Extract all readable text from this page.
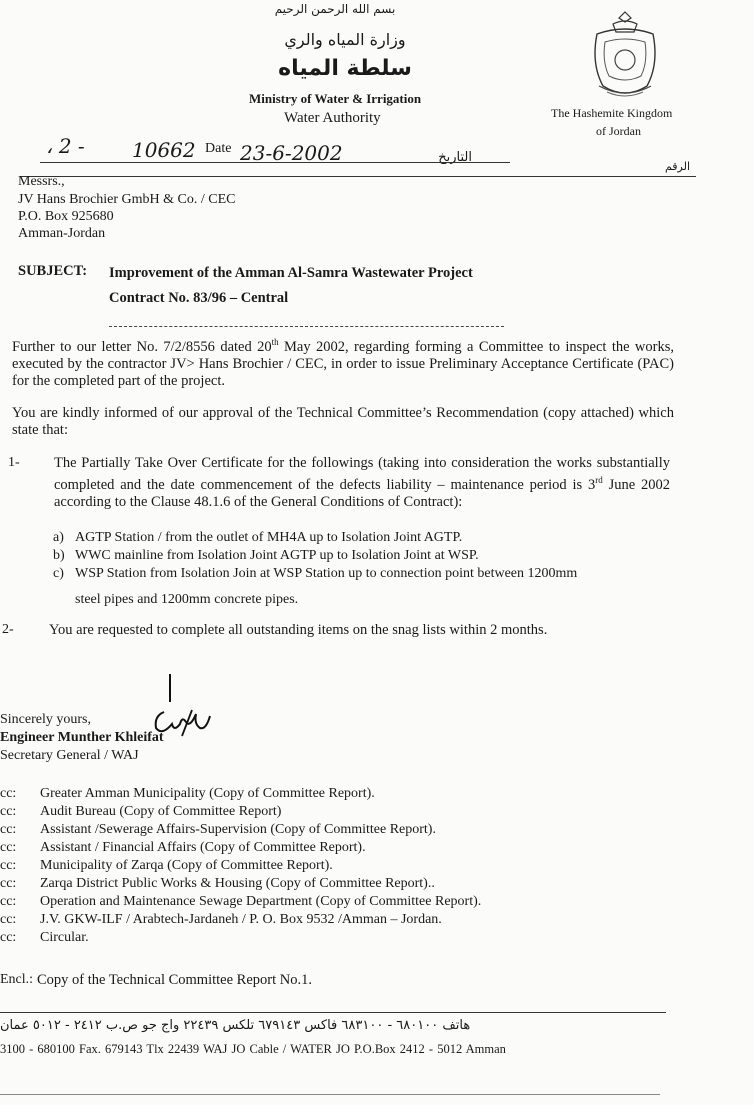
بسم الله الرحمن الرحيم
وزارة المياه والري
سلطة المياه
Ministry of Water & Irrigation
Water Authority	The Hashemite Kingdom
of Jordan
، 2 - 10662 Date 23-6-2002	التاريخ
الرقم
Messrs.,
JV Hans Brochier GmbH & Co. / CEC
P.O. Box 925680
Amman-Jordan
SUBJECT: Improvement of the Amman Al-Samra Wastewater Project
Contract No. 83/96 – Central
Further to our letter No. 7/2/8556 dated 20th May 2002, regarding forming a Committee to inspect the works, executed by the contractor JV> Hans Brochier / CEC, in order to issue Preliminary Acceptance Certificate (PAC) for the completed part of the project.
You are kindly informed of our approval of the Technical Committee’s Recommendation (copy attached) which state that:
1- The Partially Take Over Certificate for the followings (taking into consideration the works substantially completed and the date commencement of the defects liability – maintenance period is 3rd June 2002 according to the Clause 48.1.6 of the General Conditions of Contract):
a) AGTP Station / from the outlet of MH4A up to Isolation Joint AGTP.
b) WWC mainline from Isolation Joint AGTP up to Isolation Joint at WSP.
c) WSP Station from Isolation Join at WSP Station up to connection point between 1200mm
steel pipes and 1200mm concrete pipes.
2- You are requested to complete all outstanding items on the snag lists within 2 months.
Sincerely yours,
Engineer Munther Khleifat
Secretary General / WAJ
cc: Greater Amman Municipality (Copy of Committee Report).
cc: Audit Bureau (Copy of Committee Report)
cc: Assistant /Sewerage Affairs-Supervision (Copy of Committee Report).
cc: Assistant / Financial Affairs (Copy of Committee Report).
cc: Municipality of Zarqa (Copy of Committee Report).
cc: Zarqa District Public Works & Housing (Copy of Committee Report)..
cc: Operation and Maintenance Sewage Department (Copy of Committee Report).
cc: J.V. GKW-ILF / Arabtech-Jardaneh / P. O. Box 9532 /Amman – Jordan.
cc: Circular.
Encl.: Copy of the Technical Committee Report No.1.
هاتف ٦٨٠١٠٠ - ٦٨٣١٠٠ فاكس ٦٧٩١٤٣ تلكس ٢٢٤٣٩ واج جو ص.ب ٢٤١٢ - ٥٠١٢ عمان
3100 - 680100 Fax. 679143 Tlx 22439 WAJ JO Cable / WATER JO P.O.Box 2412 - 5012 Amman
